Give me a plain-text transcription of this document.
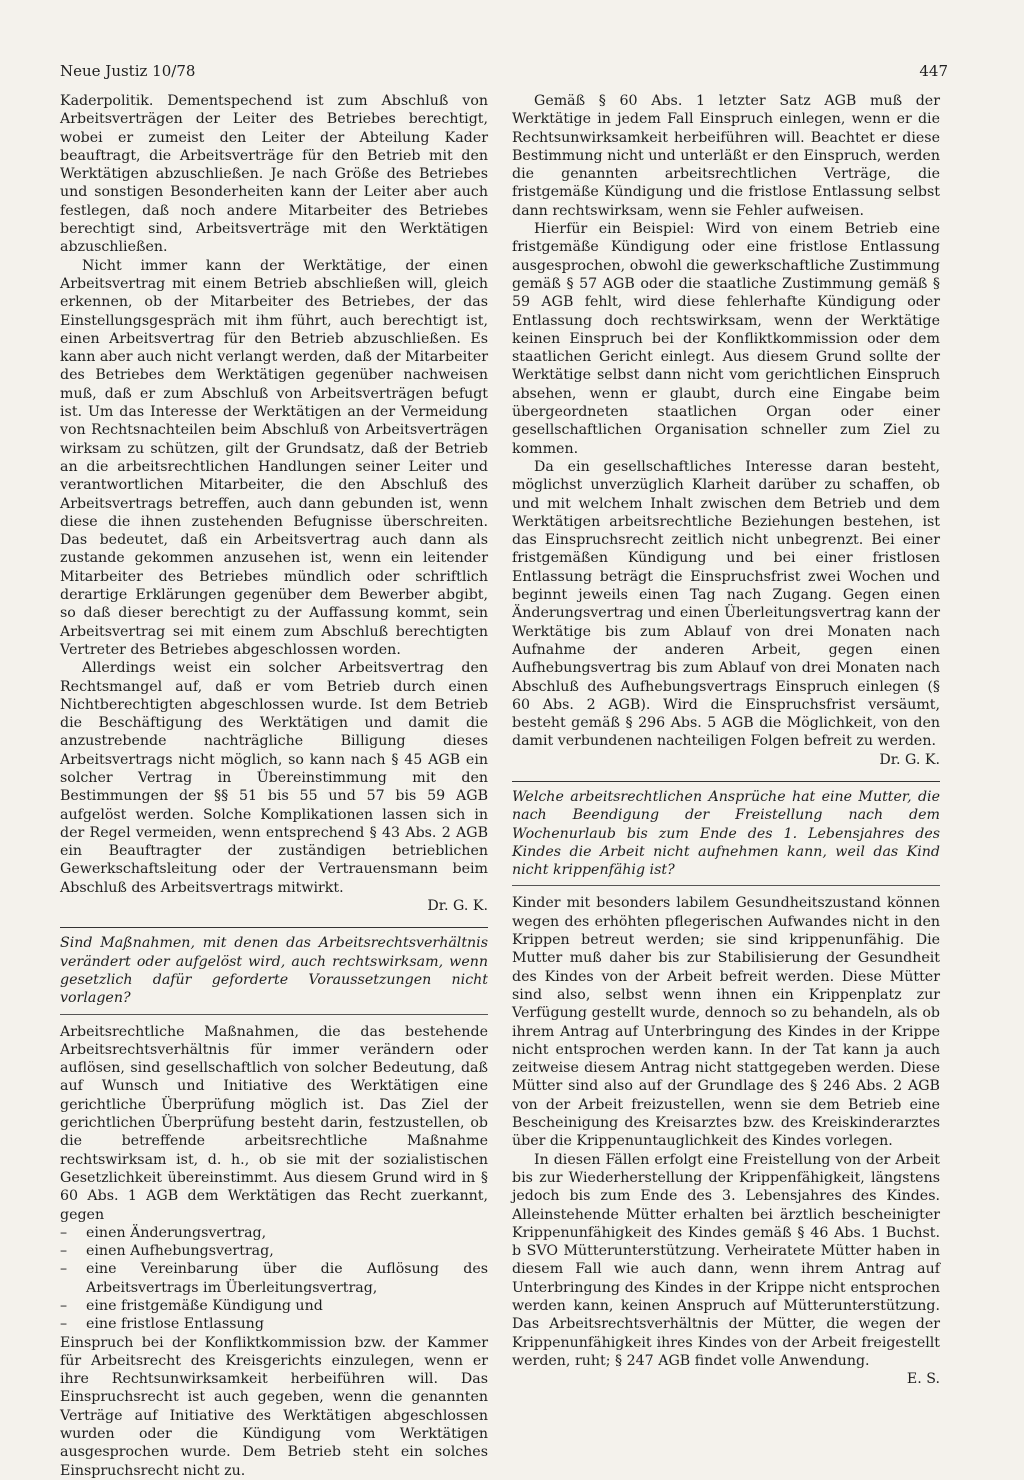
Neue Justiz 10/78	447

Kaderpolitik. Dementspechend ist zum Abschluß von Arbeitsverträgen der Leiter des Betriebes berechtigt, wobei er zumeist den Leiter der Abteilung Kader beauftragt, die Arbeitsverträge für den Betrieb mit den Werktätigen abzuschließen. Je nach Größe des Betriebes und sonstigen Besonderheiten kann der Leiter aber auch festlegen, daß noch andere Mitarbeiter des Betriebes berechtigt sind, Arbeitsverträge mit den Werktätigen abzuschließen.

Nicht immer kann der Werktätige, der einen Arbeitsvertrag mit einem Betrieb abschließen will, gleich erkennen, ob der Mitarbeiter des Betriebes, der das Einstellungsgespräch mit ihm führt, auch berechtigt ist, einen Arbeitsvertrag für den Betrieb abzuschließen. Es kann aber auch nicht verlangt werden, daß der Mitarbeiter des Betriebes dem Werktätigen gegenüber nachweisen muß, daß er zum Abschluß von Arbeitsverträgen befugt ist. Um das Interesse der Werktätigen an der Vermeidung von Rechtsnachteilen beim Abschluß von Arbeitsverträgen wirksam zu schützen, gilt der Grundsatz, daß der Betrieb an die arbeitsrechtlichen Handlungen seiner Leiter und verantwortlichen Mitarbeiter, die den Abschluß des Arbeitsvertrags betreffen, auch dann gebunden ist, wenn diese die ihnen zustehenden Befugnisse überschreiten. Das bedeutet, daß ein Arbeitsvertrag auch dann als zustande gekommen anzusehen ist, wenn ein leitender Mitarbeiter des Betriebes mündlich oder schriftlich derartige Erklärungen gegenüber dem Bewerber abgibt, so daß dieser berechtigt zu der Auffassung kommt, sein Arbeitsvertrag sei mit einem zum Abschluß berechtigten Vertreter des Betriebes abgeschlossen worden.

Allerdings weist ein solcher Arbeitsvertrag den Rechtsmangel auf, daß er vom Betrieb durch einen Nichtberechtigten abgeschlossen wurde. Ist dem Betrieb die Beschäftigung des Werktätigen und damit die anzustrebende nachträgliche Billigung dieses Arbeitsvertrags nicht möglich, so kann nach § 45 AGB ein solcher Vertrag in Übereinstimmung mit den Bestimmungen der §§ 51 bis 55 und 57 bis 59 AGB aufgelöst werden. Solche Komplikationen lassen sich in der Regel vermeiden, wenn entsprechend § 43 Abs. 2 AGB ein Beauftragter der zuständigen betrieblichen Gewerkschaftsleitung oder der Vertrauensmann beim Abschluß des Arbeitsvertrags mitwirkt.

Dr. G. K.

Sind Maßnahmen, mit denen das Arbeitsrechtsverhältnis verändert oder aufgelöst wird, auch rechtswirksam, wenn gesetzlich dafür geforderte Voraussetzungen nicht vorlagen?

Arbeitsrechtliche Maßnahmen, die das bestehende Arbeitsrechtsverhältnis für immer verändern oder auflösen, sind gesellschaftlich von solcher Bedeutung, daß auf Wunsch und Initiative des Werktätigen eine gerichtliche Überprüfung möglich ist. Das Ziel der gerichtlichen Überprüfung besteht darin, festzustellen, ob die betreffende arbeitsrechtliche Maßnahme rechtswirksam ist, d. h., ob sie mit der sozialistischen Gesetzlichkeit übereinstimmt. Aus diesem Grund wird in § 60 Abs. 1 AGB dem Werktätigen das Recht zuerkannt, gegen

– einen Änderungsvertrag,
– einen Aufhebungsvertrag,
– eine Vereinbarung über die Auflösung des Arbeitsvertrags im Überleitungsvertrag,
– eine fristgemäße Kündigung und
– eine fristlose Entlassung

Einspruch bei der Konfliktkommission bzw. der Kammer für Arbeitsrecht des Kreisgerichts einzulegen, wenn er ihre Rechtsunwirksamkeit herbeiführen will. Das Einspruchsrecht ist auch gegeben, wenn die genannten Verträge auf Initiative des Werktätigen abgeschlossen wurden oder die Kündigung vom Werktätigen ausgesprochen wurde. Dem Betrieb steht ein solches Einspruchsrecht nicht zu.

Gemäß § 60 Abs. 1 letzter Satz AGB muß der Werktätige in jedem Fall Einspruch einlegen, wenn er die Rechtsunwirksamkeit herbeiführen will. Beachtet er diese Bestimmung nicht und unterläßt er den Einspruch, werden die genannten arbeitsrechtlichen Verträge, die fristgemäße Kündigung und die fristlose Entlassung selbst dann rechtswirksam, wenn sie Fehler aufweisen.

Hierfür ein Beispiel: Wird von einem Betrieb eine fristgemäße Kündigung oder eine fristlose Entlassung ausgesprochen, obwohl die gewerkschaftliche Zustimmung gemäß § 57 AGB oder die staatliche Zustimmung gemäß § 59 AGB fehlt, wird diese fehlerhafte Kündigung oder Entlassung doch rechtswirksam, wenn der Werktätige keinen Einspruch bei der Konfliktkommission oder dem staatlichen Gericht einlegt. Aus diesem Grund sollte der Werktätige selbst dann nicht vom gerichtlichen Einspruch absehen, wenn er glaubt, durch eine Eingabe beim übergeordneten staatlichen Organ oder einer gesellschaftlichen Organisation schneller zum Ziel zu kommen.

Da ein gesellschaftliches Interesse daran besteht, möglichst unverzüglich Klarheit darüber zu schaffen, ob und mit welchem Inhalt zwischen dem Betrieb und dem Werktätigen arbeitsrechtliche Beziehungen bestehen, ist das Einspruchsrecht zeitlich nicht unbegrenzt. Bei einer fristgemäßen Kündigung und bei einer fristlosen Entlassung beträgt die Einspruchsfrist zwei Wochen und beginnt jeweils einen Tag nach Zugang. Gegen einen Änderungsvertrag und einen Überleitungsvertrag kann der Werktätige bis zum Ablauf von drei Monaten nach Aufnahme der anderen Arbeit, gegen einen Aufhebungsvertrag bis zum Ablauf von drei Monaten nach Abschluß des Aufhebungsvertrags Einspruch einlegen (§ 60 Abs. 2 AGB). Wird die Einspruchsfrist versäumt, besteht gemäß § 296 Abs. 5 AGB die Möglichkeit, von den damit verbundenen nachteiligen Folgen befreit zu werden.

Dr. G. K.

Welche arbeitsrechtlichen Ansprüche hat eine Mutter, die nach Beendigung der Freistellung nach dem Wochenurlaub bis zum Ende des 1. Lebensjahres des Kindes die Arbeit nicht aufnehmen kann, weil das Kind nicht krippenfähig ist?

Kinder mit besonders labilem Gesundheitszustand können wegen des erhöhten pflegerischen Aufwandes nicht in den Krippen betreut werden; sie sind krippenunfähig. Die Mutter muß daher bis zur Stabilisierung der Gesundheit des Kindes von der Arbeit befreit werden. Diese Mütter sind also, selbst wenn ihnen ein Krippenplatz zur Verfügung gestellt wurde, dennoch so zu behandeln, als ob ihrem Antrag auf Unterbringung des Kindes in der Krippe nicht entsprochen werden kann. In der Tat kann ja auch zeitweise diesem Antrag nicht stattgegeben werden. Diese Mütter sind also auf der Grundlage des § 246 Abs. 2 AGB von der Arbeit freizustellen, wenn sie dem Betrieb eine Bescheinigung des Kreisarztes bzw. des Kreiskinderarztes über die Krippenuntauglichkeit des Kindes vorlegen.

In diesen Fällen erfolgt eine Freistellung von der Arbeit bis zur Wiederherstellung der Krippenfähigkeit, längstens jedoch bis zum Ende des 3. Lebensjahres des Kindes. Alleinstehende Mütter erhalten bei ärztlich bescheinigter Krippenunfähigkeit des Kindes gemäß § 46 Abs. 1 Buchst. b SVO Mütterunterstützung. Verheiratete Mütter haben in diesem Fall wie auch dann, wenn ihrem Antrag auf Unterbringung des Kindes in der Krippe nicht entsprochen werden kann, keinen Anspruch auf Mütterunterstützung. Das Arbeitsrechtsverhältnis der Mütter, die wegen der Krippenunfähigkeit ihres Kindes von der Arbeit freigestellt werden, ruht; § 247 AGB findet volle Anwendung.

E. S.
